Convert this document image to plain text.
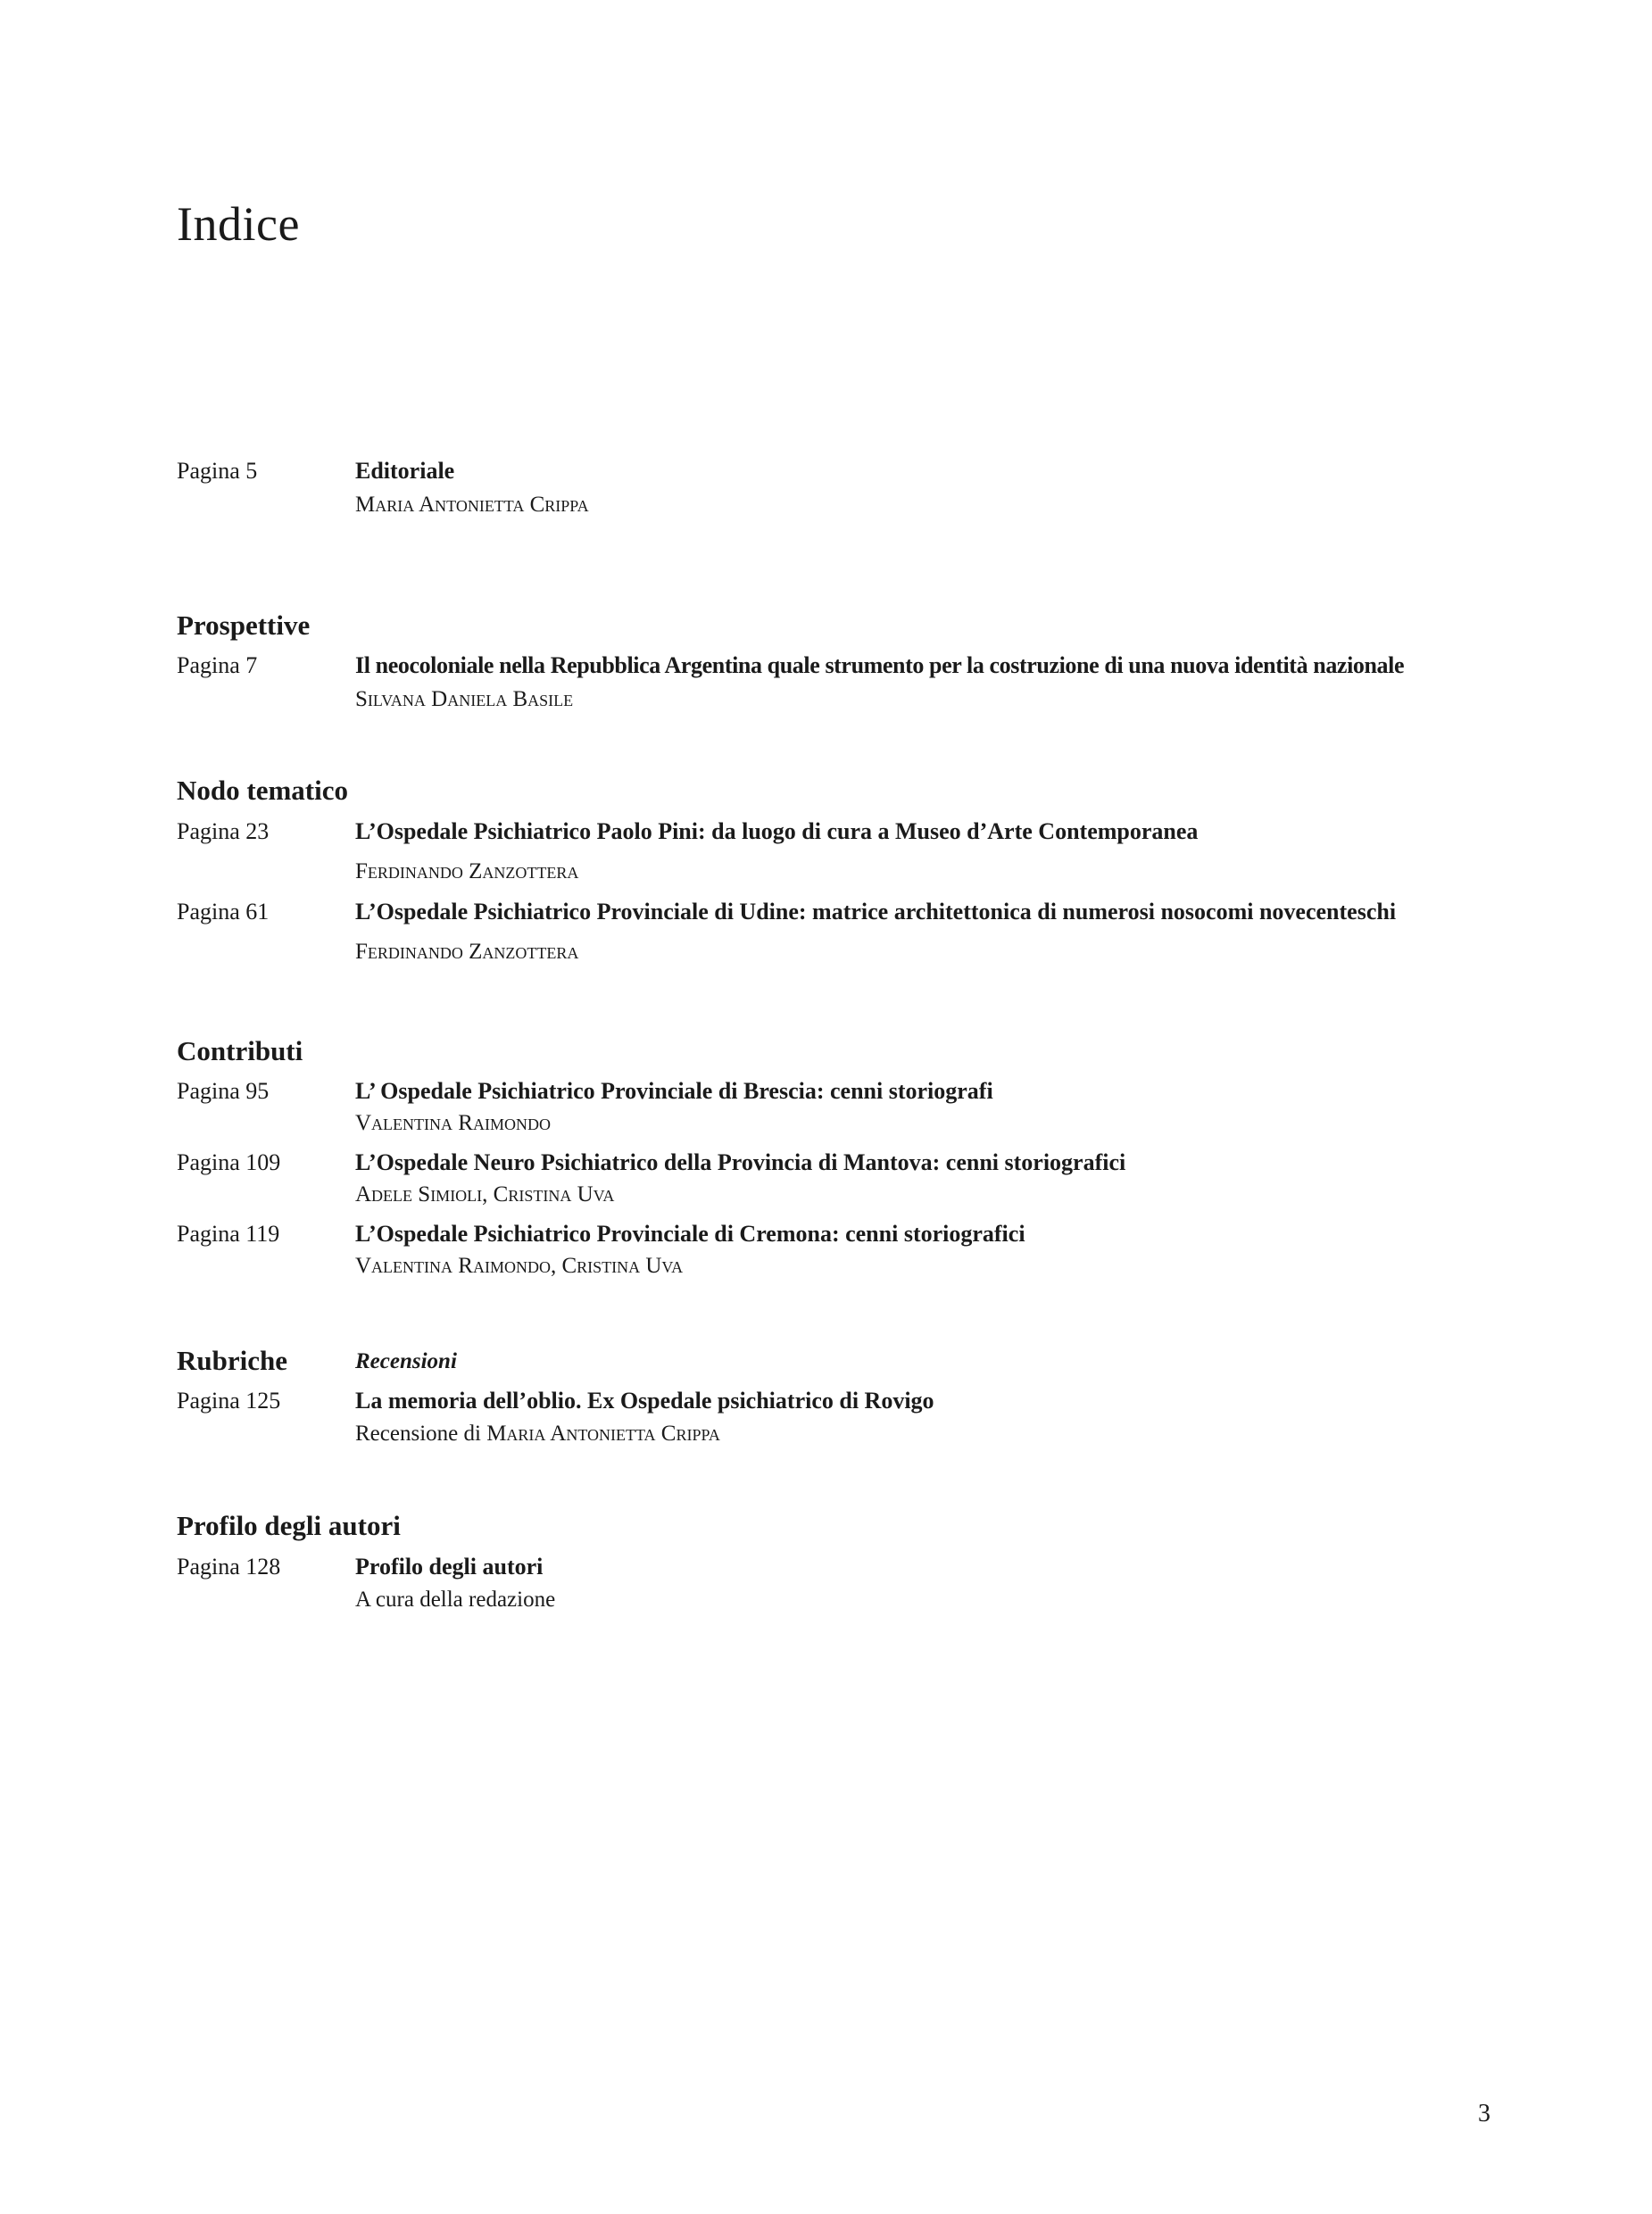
Indice
Pagina 5	Editoriale
Maria Antonietta Crippa
Prospettive
Pagina 7	Il neocoloniale nella Repubblica Argentina quale strumento per la costruzione di una nuova identità nazionale
Silvana Daniela Basile
Nodo tematico
Pagina 23	L’Ospedale Psichiatrico Paolo Pini: da luogo di cura a Museo d’Arte Contemporanea
Ferdinando Zanzottera
Pagina 61	L’Ospedale Psichiatrico Provinciale di Udine: matrice architettonica di numerosi nosocomi novecenteschi
Ferdinando Zanzottera
Contributi
Pagina 95	L’ Ospedale Psichiatrico Provinciale di Brescia: cenni storiografi
Valentina Raimondo
Pagina 109	L’Ospedale Neuro Psichiatrico della Provincia di Mantova: cenni storiografici
Adele Simioli, Cristina Uva
Pagina 119	L’Ospedale Psichiatrico Provinciale di Cremona: cenni storiografici
Valentina Raimondo, Cristina Uva
Rubriche	Recensioni
Pagina 125	La memoria dell’oblio. Ex Ospedale psichiatrico di Rovigo
Recensione di Maria Antonietta Crippa
Profilo degli autori
Pagina 128	Profilo degli autori
A cura della redazione
3
